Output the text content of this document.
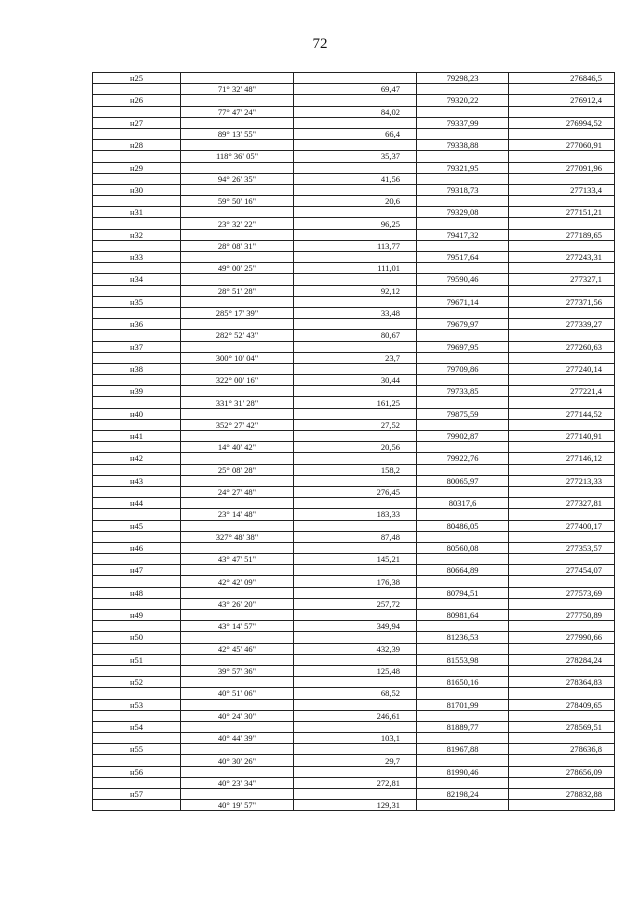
72
н25			79298,23	276846,5
	71° 32' 48"	69,47		
н26			79320,22	276912,4
	77° 47' 24"	84,02		
н27			79337,99	276994,52
	89° 13' 55"	66,4		
н28			79338,88	277060,91
	118° 36' 05"	35,37		
н29			79321,95	277091,96
	94° 26' 35"	41,56		
н30			79318,73	277133,4
	59° 50' 16"	20,6		
н31			79329,08	277151,21
	23° 32' 22"	96,25		
н32			79417,32	277189,65
	28° 08' 31"	113,77		
н33			79517,64	277243,31
	49° 00' 25"	111,01		
н34			79590,46	277327,1
	28° 51' 28"	92,12		
н35			79671,14	277371,56
	285° 17' 39"	33,48		
н36			79679,97	277339,27
	282° 52' 43"	80,67		
н37			79697,95	277260,63
	300° 10' 04"	23,7		
н38			79709,86	277240,14
	322° 00' 16"	30,44		
н39			79733,85	277221,4
	331° 31' 28"	161,25		
н40			79875,59	277144,52
	352° 27' 42"	27,52		
н41			79902,87	277140,91
	14° 40' 42"	20,56		
н42			79922,76	277146,12
	25° 08' 28"	158,2		
н43			80065,97	277213,33
	24° 27' 48"	276,45		
н44			80317,6	277327,81
	23° 14' 48"	183,33		
н45			80486,05	277400,17
	327° 48' 38"	87,48		
н46			80560,08	277353,57
	43° 47' 51"	145,21		
н47			80664,89	277454,07
	42° 42' 09"	176,38		
н48			80794,51	277573,69
	43° 26' 20"	257,72		
н49			80981,64	277750,89
	43° 14' 57"	349,94		
н50			81236,53	277990,66
	42° 45' 46"	432,39		
н51			81553,98	278284,24
	39° 57' 36"	125,48		
н52			81650,16	278364,83
	40° 51' 06"	68,52		
н53			81701,99	278409,65
	40° 24' 30"	246,61		
н54			81889,77	278569,51
	40° 44' 39"	103,1		
н55			81967,88	278636,8
	40° 30' 26"	29,7		
н56			81990,46	278656,09
	40° 23' 34"	272,81		
н57			82198,24	278832,88
	40° 19' 57"	129,31		
